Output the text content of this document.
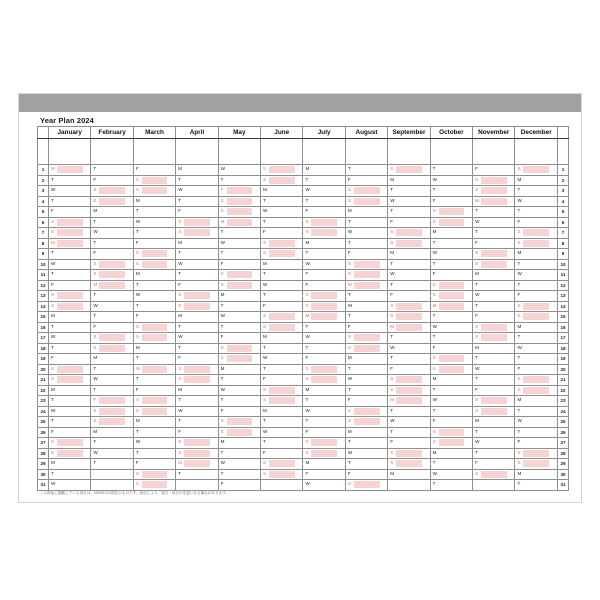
Year Plan 2024
	January	February	March	April	May	June	July	August	September	October	November	December	

1	M	T	F	M	W	S	M	T	S	T	F	S	1
2	T	F	S	T	T	S	T	F	M	W	S	M	2
3	W	S	S	W	F	M	W	S	T	T	S	T	3
4	T	S	M	T	S	T	T	S	W	F	M	W	4
5	F	M	T	F	S	W	F	M	T	S	T	T	5
6	S	T	W	S	M	T	S	T	F	S	W	F	6
7	S	W	T	S	T	F	S	W	S	M	T	S	7
8	M	T	F	M	W	S	M	T	S	T	F	S	8
9	T	F	S	T	T	S	T	F	M	W	S	M	9
10	W	S	S	W	F	M	W	S	T	T	S	T	10
11	T	S	M	T	S	T	T	S	W	F	M	W	11
12	F	M	T	F	S	W	F	M	T	S	T	T	12
13	S	T	W	S	M	T	S	T	F	S	W	F	13
14	S	W	T	S	T	F	S	W	S	M	T	S	14
15	M	T	F	M	W	S	M	T	S	T	F	S	15
16	T	F	S	T	T	S	T	F	M	W	S	M	16
17	W	S	S	W	F	M	W	S	T	T	S	T	17
18	T	S	M	T	S	T	T	S	W	F	M	W	18
19	F	M	T	F	S	W	F	M	T	S	T	T	19
20	S	T	W	S	M	T	S	T	F	S	W	F	20
21	S	W	T	S	T	F	S	W	S	M	T	S	21
22	M	T	F	M	W	S	M	T	S	T	F	S	22
23	T	F	S	T	T	S	T	F	M	W	S	M	23
24	W	S	S	W	F	M	W	S	T	T	S	T	24
25	T	S	M	T	S	T	T	S	W	F	M	W	25
26	F	M	T	F	S	W	F	M	T	S	T	T	26
27	S	T	W	S	M	T	S	T	F	S	W	F	27
28	S	W	T	S	T	F	S	W	S	M	T	S	28
29	M	T	F	M	W	S	M	T	S	T	F	S	29
30	T		S	T	T	S	T	F	M	W	S	M	30
31	W		S		F		W	S		T		T	31
この商品に掲載している祝日は、2023年3月現在のものです。改正により、祝日・休日が変更になる場合があります。
